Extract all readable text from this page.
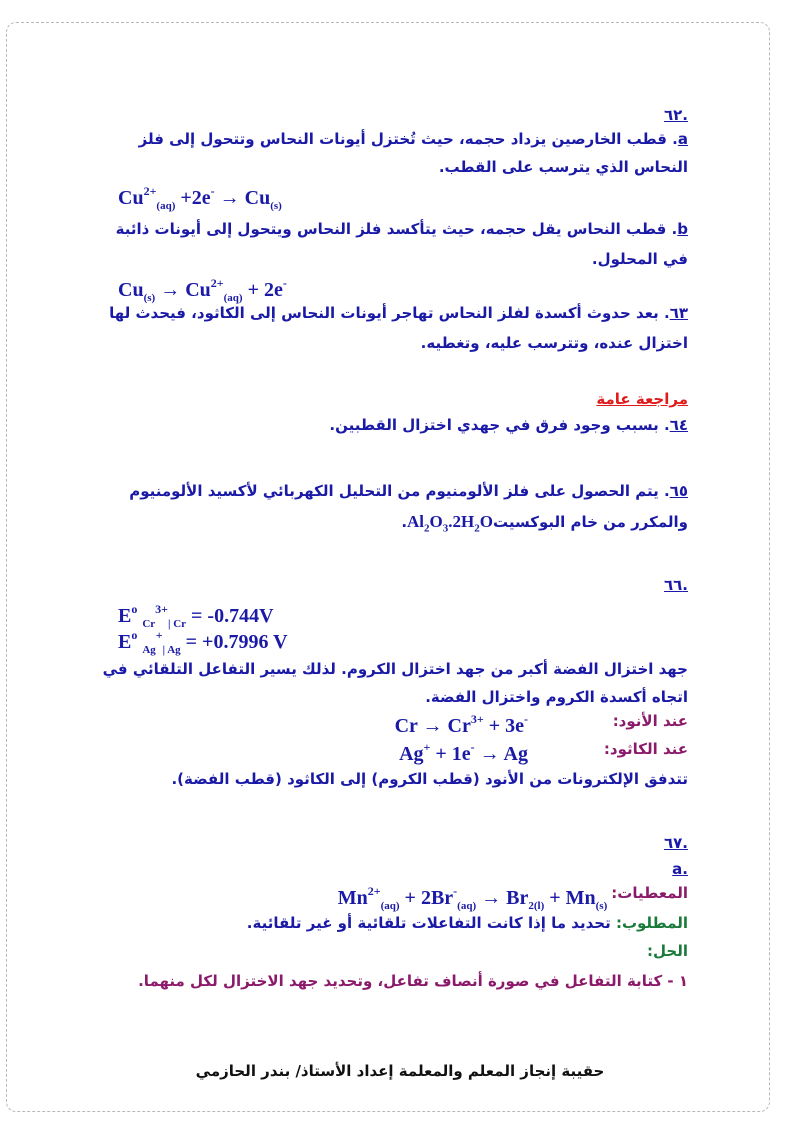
.٦٢
a. قطب الخارصين يزداد حجمه، حيث تُختزل أيونات النحاس وتتحول إلى فلز
النحاس الذي يترسب على القطب.
$Cu^{2+}_{(aq)} +2e^- \to Cu_{(s)}$
b. قطب النحاس يقل حجمه، حيث يتأكسد فلز النحاس ويتحول إلى أيونات ذائبة
في المحلول.
$Cu_{(s)} \to Cu^{2+}_{(aq)} + 2e^-$
٦٣. بعد حدوث أكسدة لفلز النحاس تهاجر أيونات النحاس إلى الكاثود، فيحدث لها
اختزال عنده، وتترسب عليه، وتغطيه.
مراجعة عامة
٦٤. بسبب وجود فرق في جهدي اختزال القطبين.
٦٥. يتم الحصول على فلز الألومنيوم من التحليل الكهربائي لأكسيد الألومنيوم
والمكرر من خام $البوكسيتAl_2O_3.2H_2O$.
.٦٦
$E^o$ $_{Cr}^{3+}_{| Cr}$ = -0.744V
$E^o$ $_{Ag}$+$_{| Ag}$ = +0.7996 V
جهد اختزال الفضة أكبر من جهد اختزال الكروم. لذلك يسير التفاعل التلقائي في
اتجاه أكسدة الكروم واختزال الفضة.
عند الأنود:
$Cr \to Cr^{3+} + 3e^-$
عند الكاثود:
Ag+ + 1e- → Ag
تتدفق الإلكترونات من الأنود (قطب الكروم) إلى الكاثود (قطب الفضة).
.٦٧
.a
المعطيات:
$Mn^{2+}_{(aq)} + 2Br^-_{(aq)} \to Br_{2(l)} + Mn_{(s)}$
المطلوب: تحديد ما إذا كانت التفاعلات تلقائية أو غير تلقائية.
الحل:
١ - كتابة التفاعل في صورة أنصاف تفاعل، وتحديد جهد الاختزال لكل منهما.
حقيبة إنجاز المعلم والمعلمة إعداد الأستاذ/ بندر الحازمي
